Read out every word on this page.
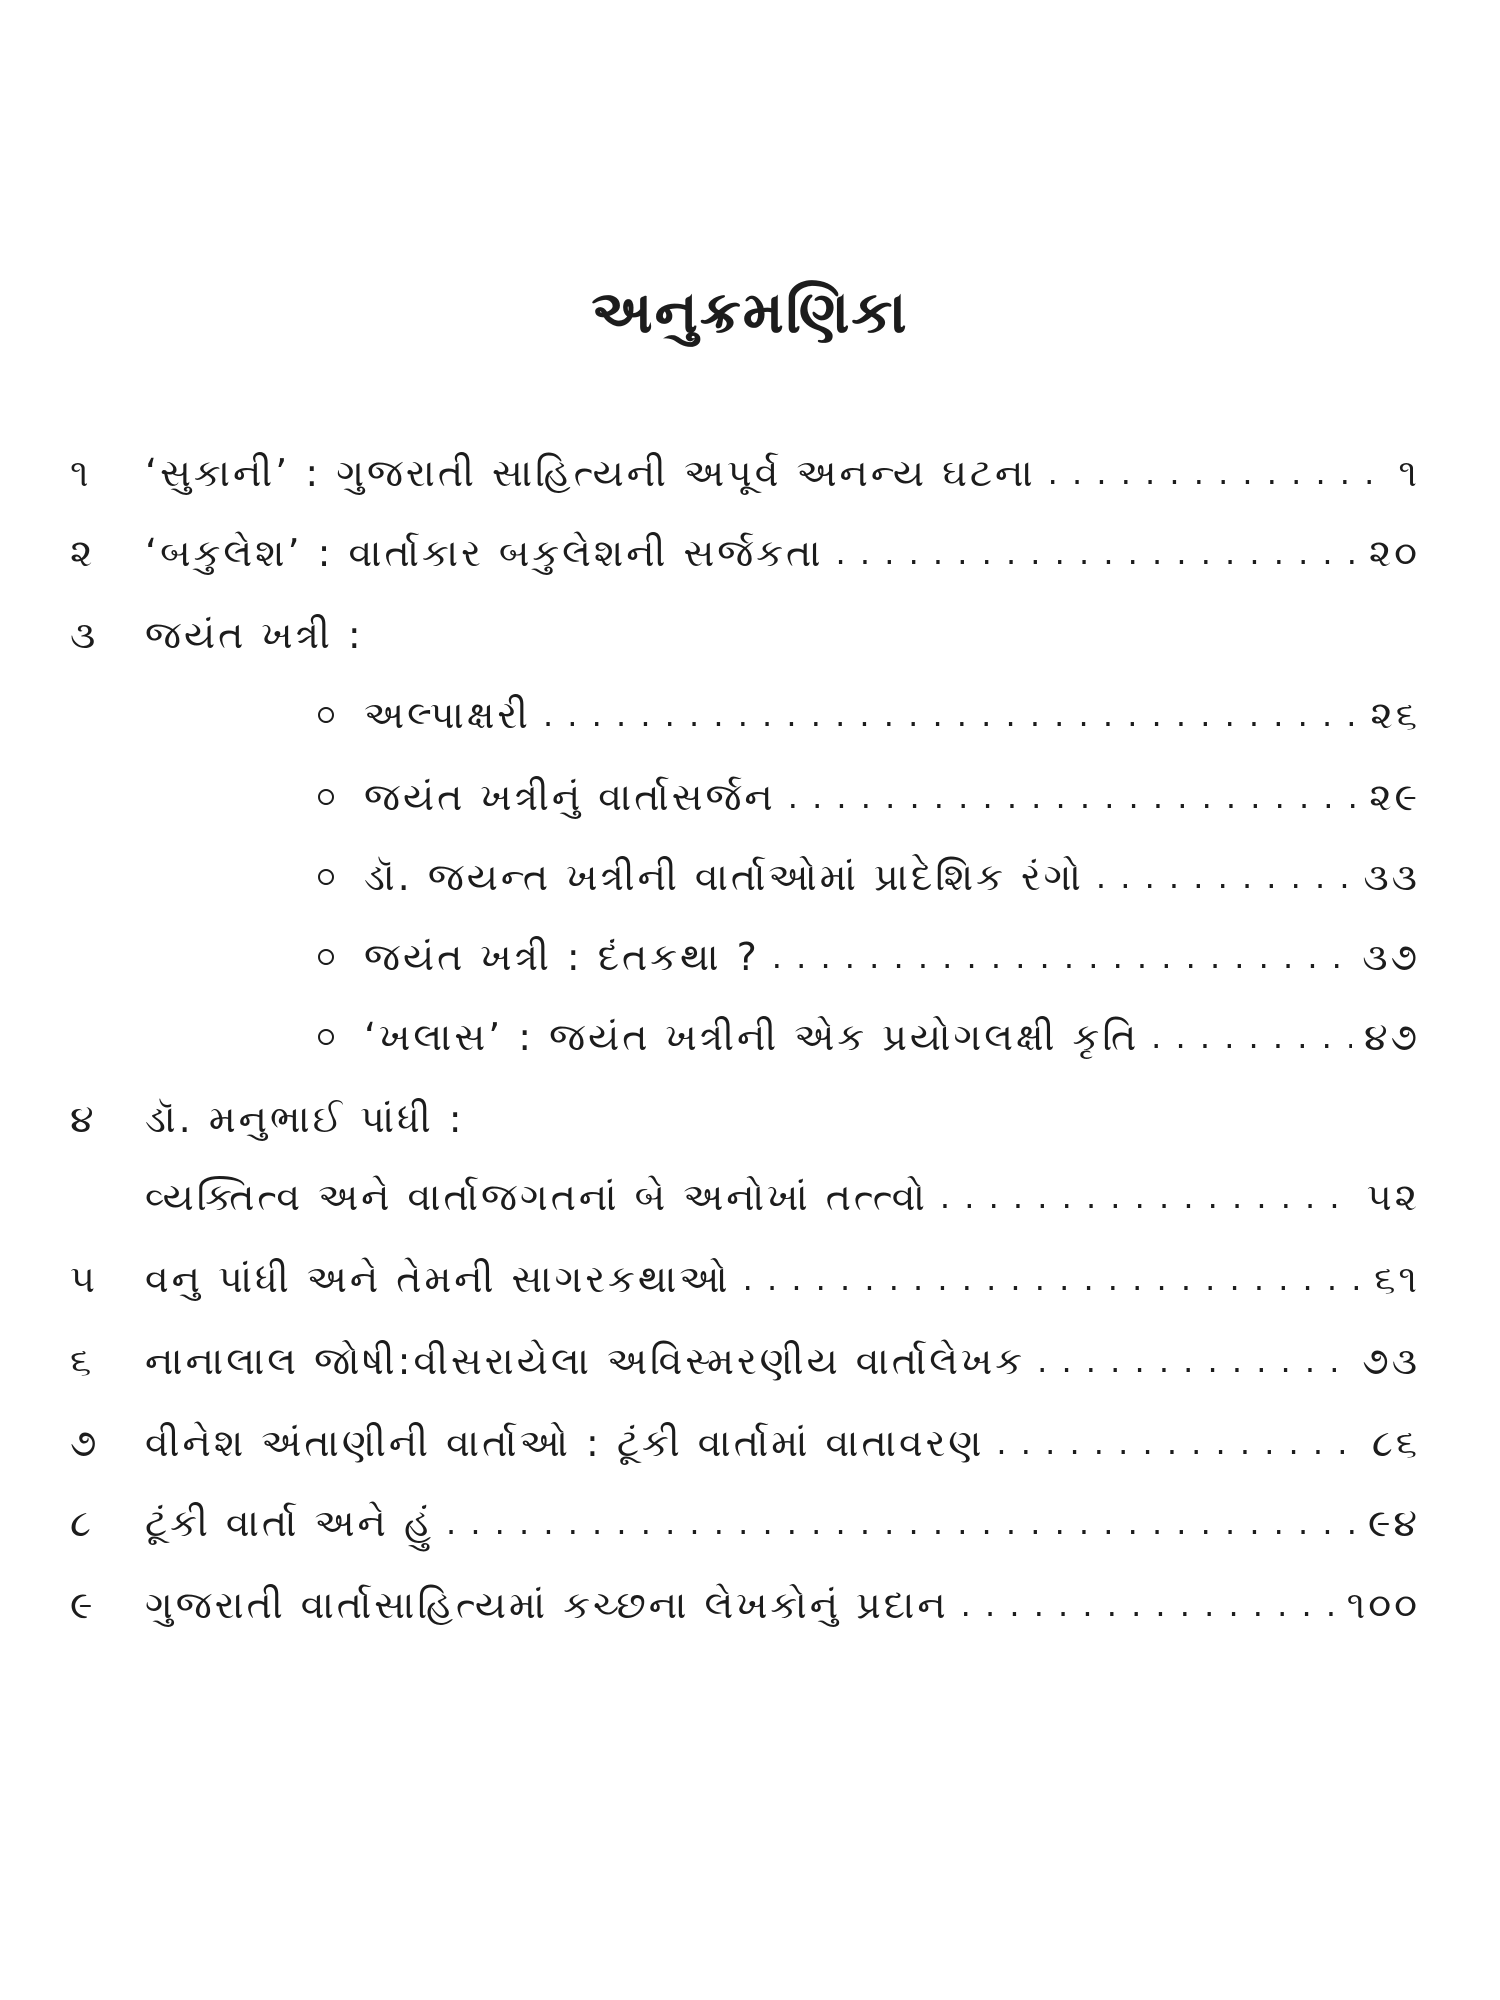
અનુક્રમણિકા
૧	‘સુકાની’ : ગુજરાતી સાહિત્યની અપૂર્વ અનન્ય ઘટના . . .	૧
૨	‘બકુલેશ’ : વાર્તાકાર બકુલેશની સર્જકતા . . .	૨૦
૩	જયંત ખત્રી :
અલ્પાક્ષરી . . .	૨૬
જયંત ખત્રીનું વાર્તાસર્જન . . .	૨૯
ડૉ. જયન્ત ખત્રીની વાર્તાઓમાં પ્રાદેશિક રંગો . . .	૩૩
જયંત ખત્રી : દંતકથા ? . . .	૩૭
‘ખલાસ’ : જયંત ખત્રીની એક પ્રયોગલક્ષી કૃતિ . . .	૪૭
૪	ડૉ. મનુભાઈ પાંધી :
વ્યક્તિત્વ અને વાર્તાજગતનાં બે અનોખાં તત્ત્વો . . .	૫૨
૫	વનુ પાંધી અને તેમની સાગરકથાઓ . . .	૬૧
૬	નાનાલાલ જોષી:વીસરાયેલા અવિસ્મરણીય વાર્તાલેખક . . .	૭૩
૭	વીનેશ અંતાણીની વાર્તાઓ : ટૂંકી વાર્તામાં વાતાવરણ . . .	૮૬
૮	ટૂંકી વાર્તા અને હું . . .	૯૪
૯	ગુજરાતી વાર્તાસાહિત્યમાં કચ્છના લેખકોનું પ્રદાન . . .	૧૦૦
